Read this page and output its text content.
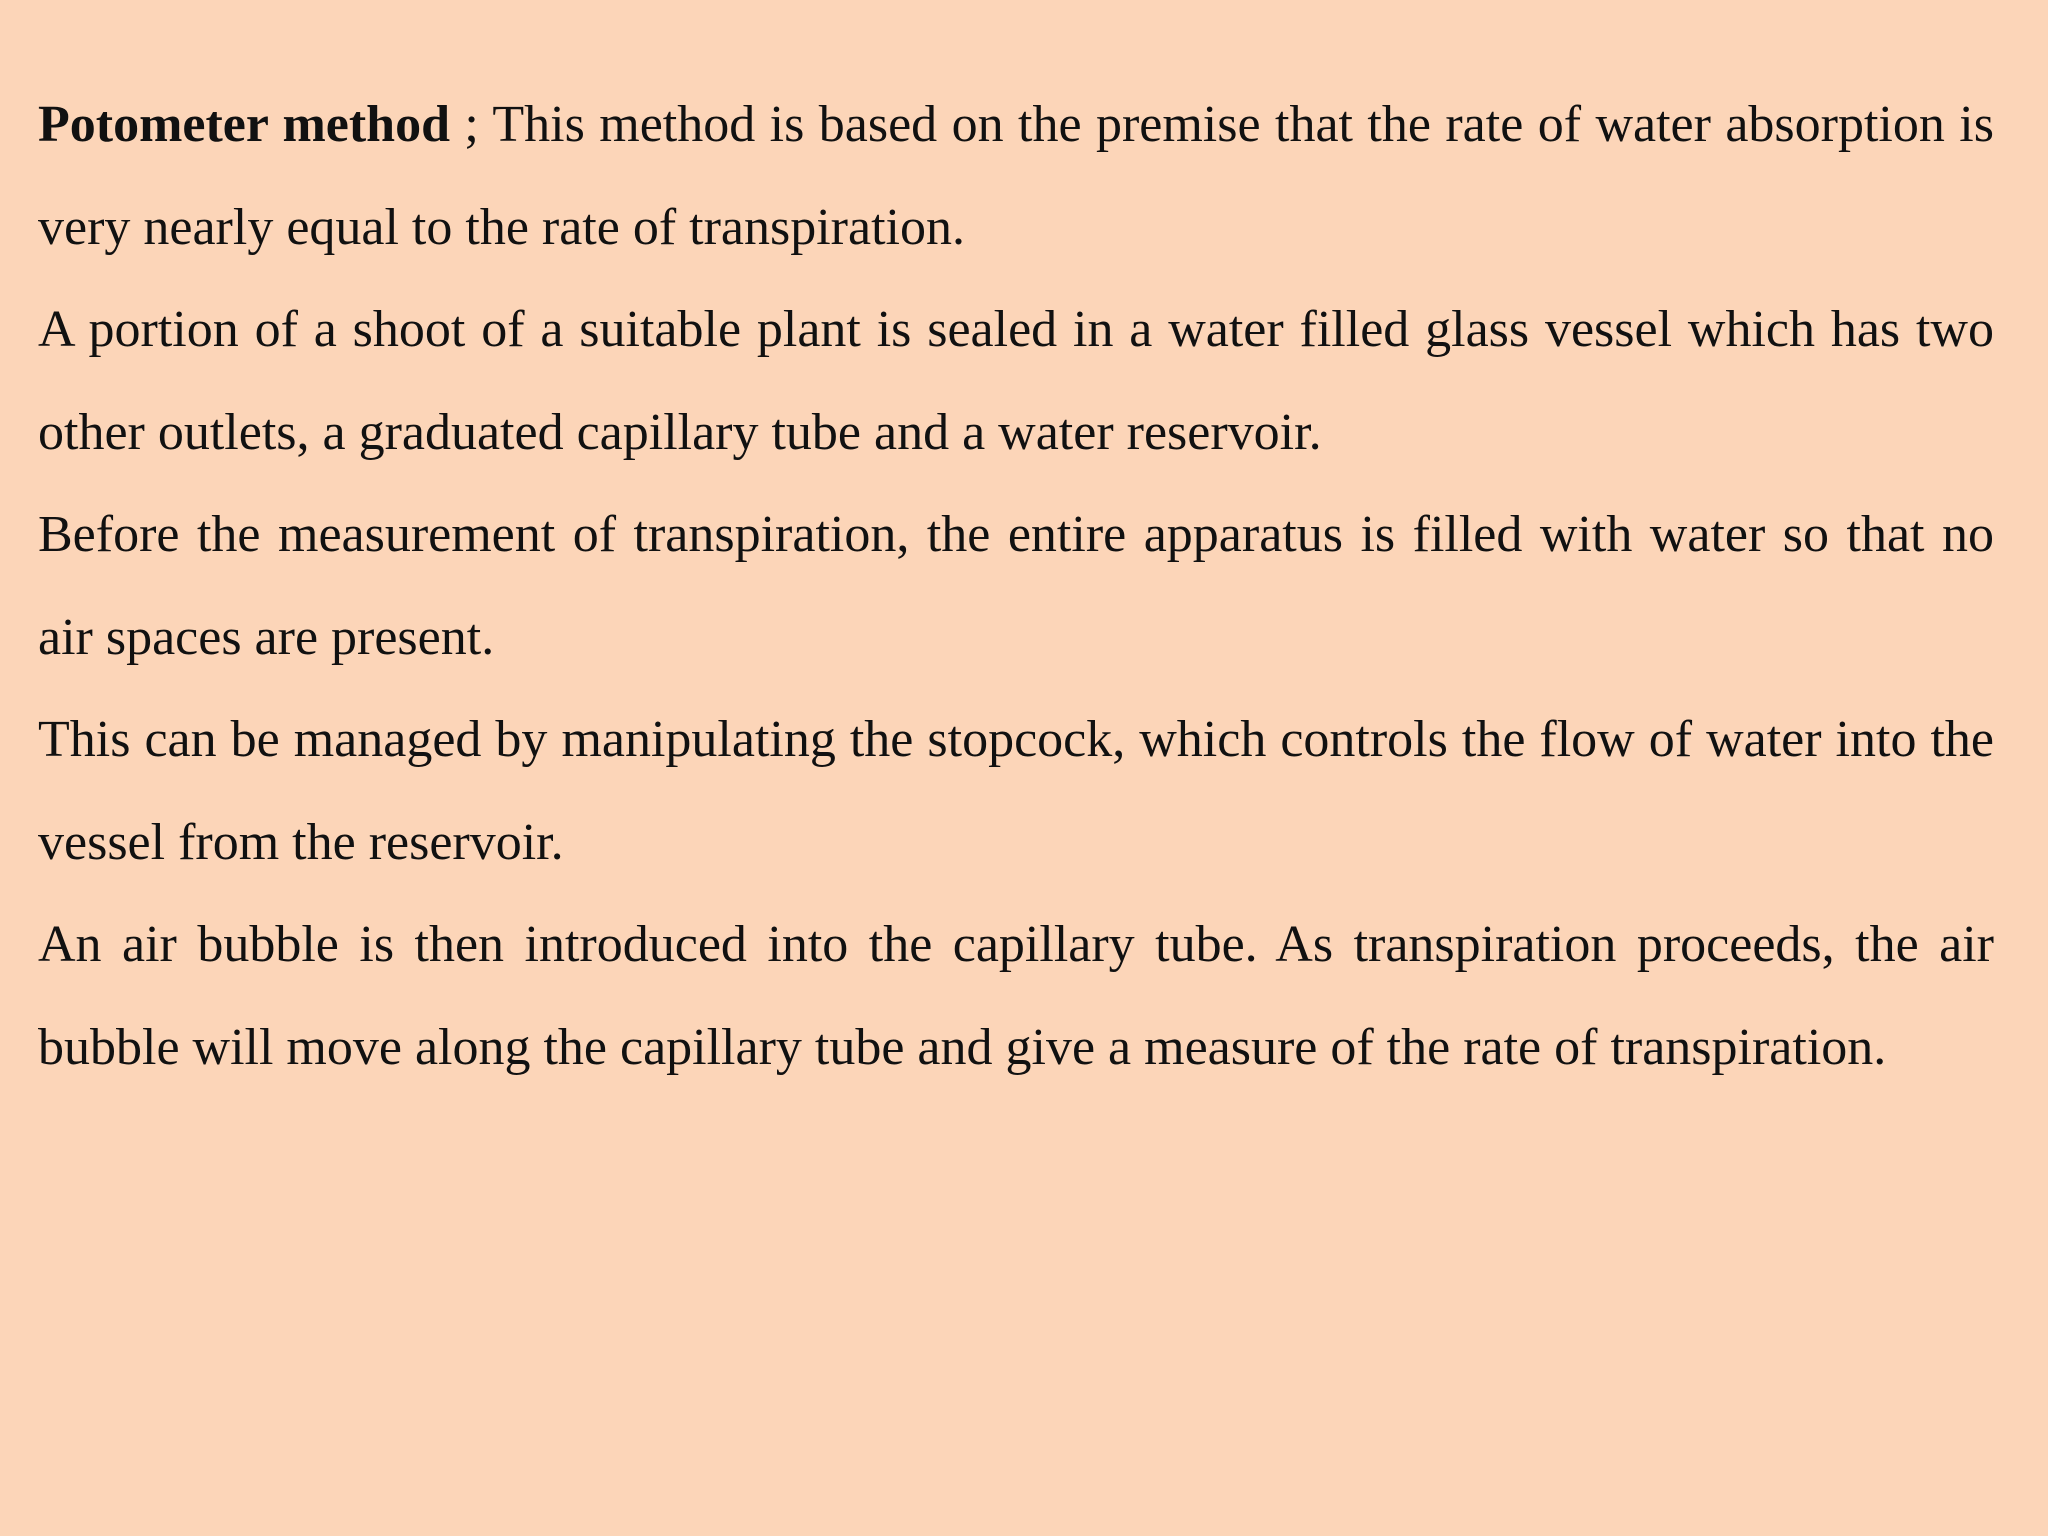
Potometer method ; This method is based on the premise that the rate of water absorption is very nearly equal to the rate of transpiration.

A portion of a shoot of a suitable plant is sealed in a water filled glass vessel which has two other outlets, a graduated capillary tube and a water reservoir.

Before the measurement of transpiration, the entire apparatus is filled with water so that no air spaces are present.

This can be managed by manipulating the stopcock, which controls the flow of water into the vessel from the reservoir.

An air bubble is then introduced into the capillary tube. As transpiration proceeds, the air bubble will move along the capillary tube and give a measure of the rate of transpiration.
